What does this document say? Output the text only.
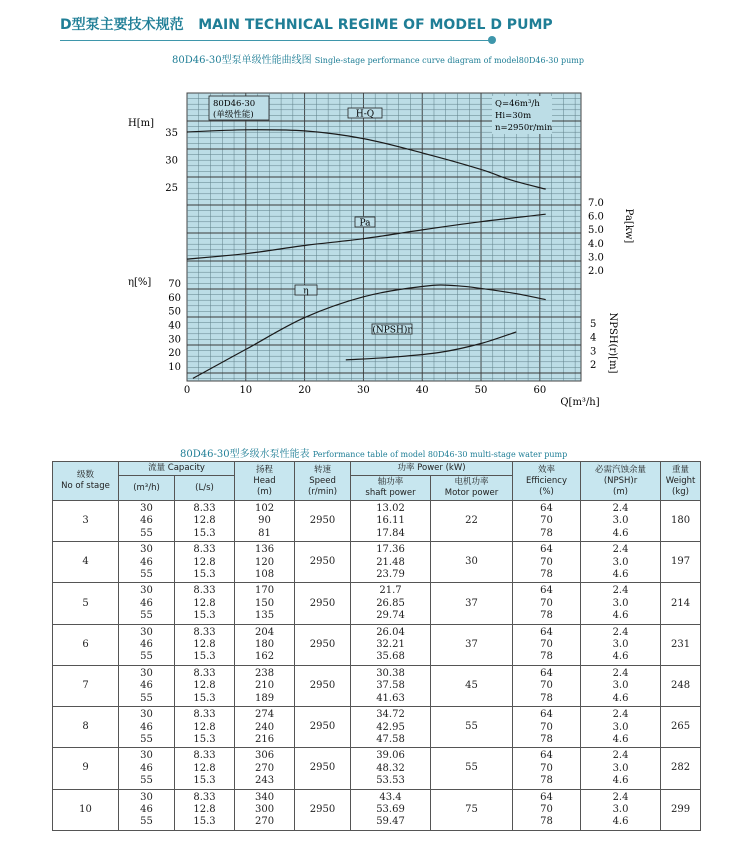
D型泵主要技术规范 MAIN TECHNICAL REGIME OF MODEL D PUMP
80D46-30型泵单级性能曲线图 Single-stage performance curve diagram of model80D46-30 pump
0	10	20	30	40	50	60
Q[m³/h]
25
30
35
H[m]
10
20
30
40
50
60
70
η[%]
2.0
3.0
4.0
5.0
6.0
7.0
Pa[kw]
2
3
4
5 NPSH(r)[m]
H-Q
Pa
η
(NPSH)r
80D46-30
(单级性能)
Q=46m³/h
Hi=30m
n=2950r/min
80D46-30型多级水泵性能表 Performance table of model 80D46-30 multi-stage water pump
级数
No of stage	流量 Capacity		扬程
Head
(m)	转速
Speed
(r/min)	功率 Power (kW)		效率
Efficiency
(%)	必需汽蚀余量
(NPSH)r
(m)	重量
Weight
(kg)
	(m³/h)	(L/s)			轴功率
shaft power	电机功率
Motor power			
3	30
46
55	8.33
12.8
15.3	102
90
81	2950	13.02
16.11
17.84	22	64
70
78	2.4
3.0
4.6	180
4	30
46
55	8.33
12.8
15.3	136
120
108	2950	17.36
21.48
23.79	30	64
70
78	2.4
3.0
4.6	197
5	30
46
55	8.33
12.8
15.3	170
150
135	2950	21.7
26.85
29.74	37	64
70
78	2.4
3.0
4.6	214
6	30
46
55	8.33
12.8
15.3	204
180
162	2950	26.04
32.21
35.68	37	64
70
78	2.4
3.0
4.6	231
7	30
46
55	8.33
12.8
15.3	238
210
189	2950	30.38
37.58
41.63	45	64
70
78	2.4
3.0
4.6	248
8	30
46
55	8.33
12.8
15.3	274
240
216	2950	34.72
42.95
47.58	55	64
70
78	2.4
3.0
4.6	265
9	30
46
55	8.33
12.8
15.3	306
270
243	2950	39.06
48.32
53.53	55	64
70
78	2.4
3.0
4.6	282
10	30
46
55	8.33
12.8
15.3	340
300
270	2950	43.4
53.69
59.47	75	64
70
78	2.4
3.0
4.6	299
